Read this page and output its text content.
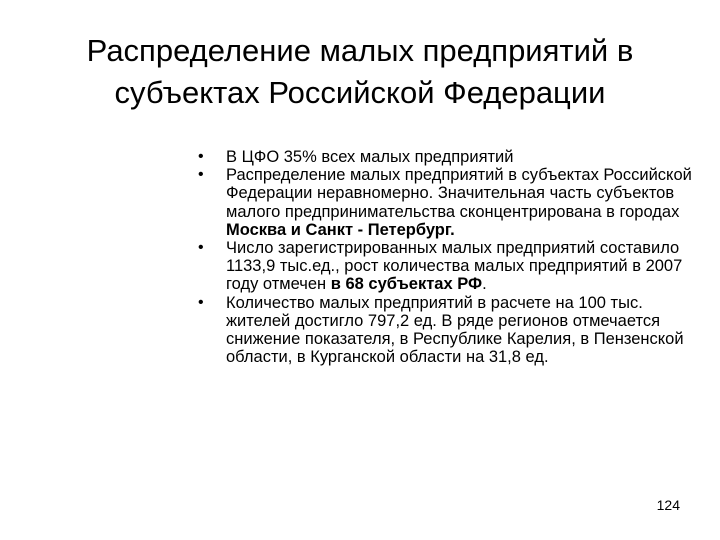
Распределение малых предприятий в
субъектах Российской Федерации
• В ЦФО 35% всех малых предприятий
• Распределение малых предприятий в субъектах Российской Федерации неравномерно. Значительная часть субъектов малого предпринимательства сконцентрирована в городах Москва и Санкт - Петербург.
• Число зарегистрированных малых предприятий составило 1133,9 тыс.ед., рост количества малых предприятий в 2007 году отмечен в 68 субъектах РФ.
• Количество малых предприятий в расчете на 100 тыс. жителей достигло 797,2 ед. В ряде регионов отмечается снижение показателя, в Республике Карелия, в Пензенской области, в Курганской области на 31,8 ед.
124
